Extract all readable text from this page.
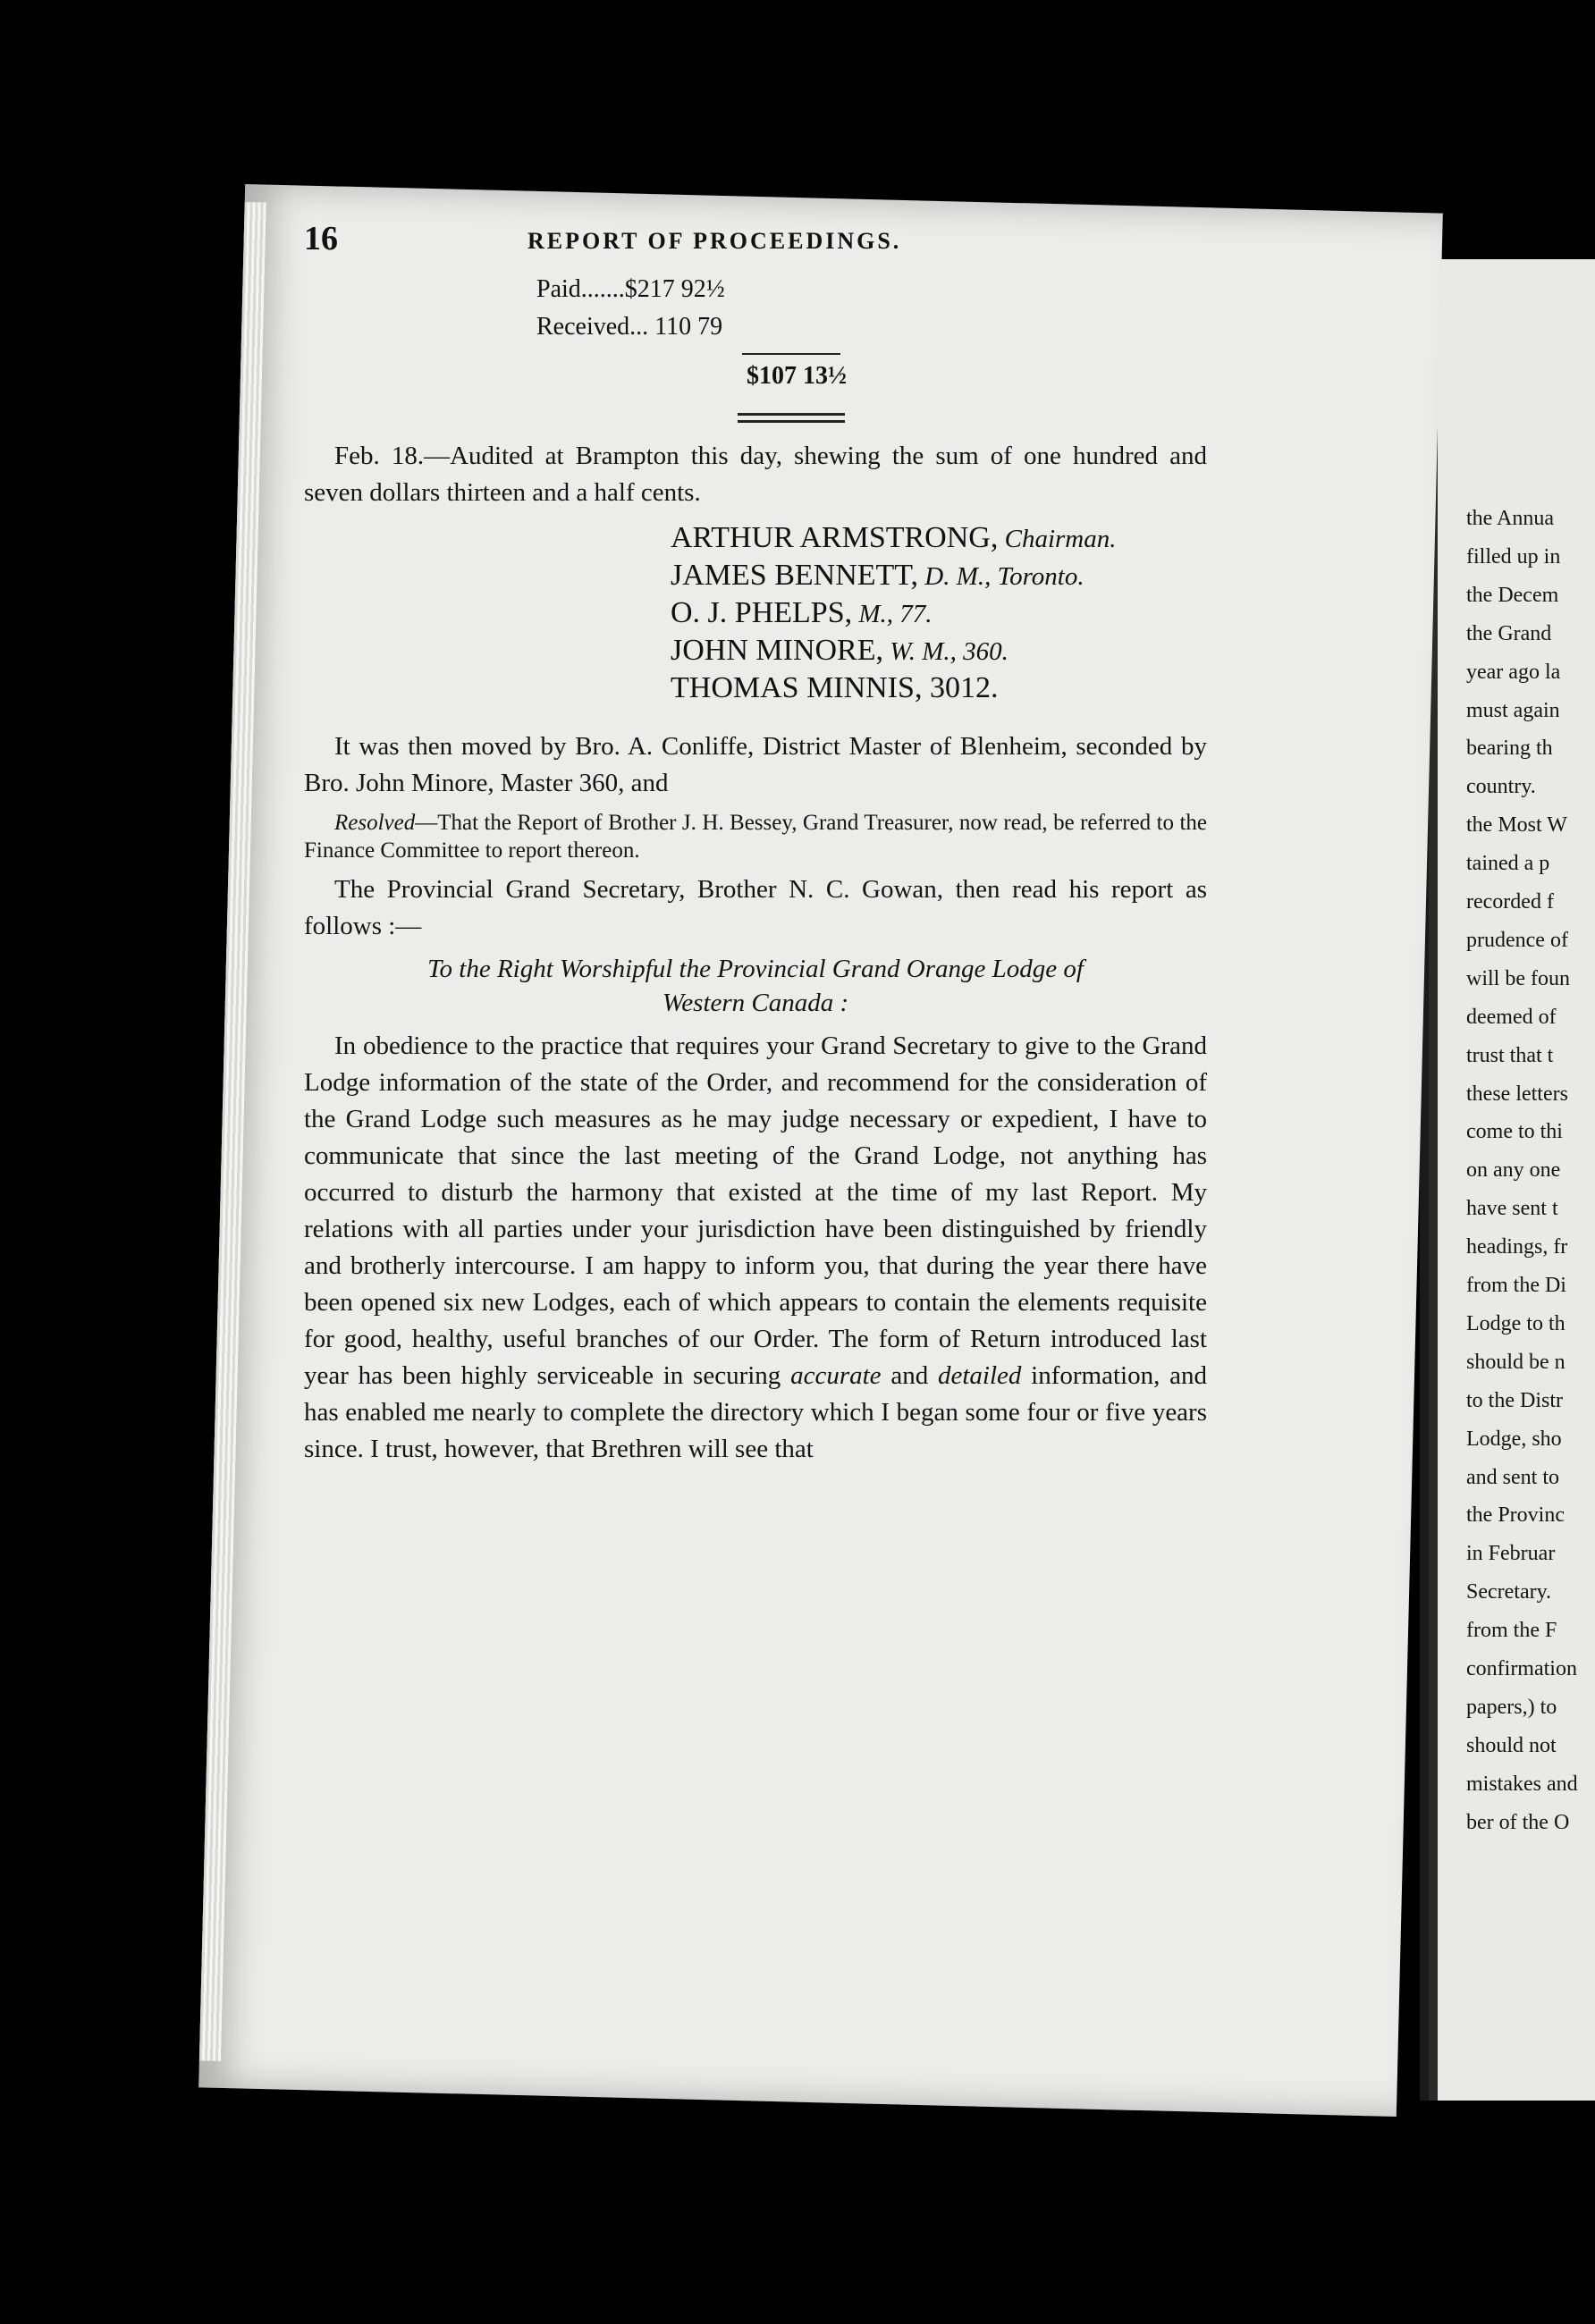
16	REPORT OF PROCEEDINGS.
Paid.......$217 92½
Received... 110 79
$107 13½
Feb. 18.—Audited at Brampton this day, shewing the sum of one hundred and seven dollars thirteen and a half cents.
ARTHUR ARMSTRONG, Chairman.
JAMES BENNETT, D. M., Toronto.
O. J. PHELPS, M., 77.
JOHN MINORE, W. M., 360.
THOMAS MINNIS, 3012.
It was then moved by Bro. A. Conliffe, District Master of Blenheim, seconded by Bro. John Minore, Master 360, and
Resolved—That the Report of Brother J. H. Bessey, Grand Treasurer, now read, be referred to the Finance Committee to report thereon.
The Provincial Grand Secretary, Brother N. C. Gowan, then read his report as follows :—
To the Right Worshipful the Provincial Grand Orange Lodge of
Western Canada :
In obedience to the practice that requires your Grand Secretary to give to the Grand Lodge information of the state of the Order, and recommend for the consideration of the Grand Lodge such measures as he may judge necessary or expedient, I have to communicate that since the last meeting of the Grand Lodge, not anything has occurred to disturb the harmony that existed at the time of my last Report. My relations with all parties under your jurisdiction have been distinguished by friendly and brotherly intercourse. I am happy to inform you, that during the year there have been opened six new Lodges, each of which appears to contain the elements requisite for good, healthy, useful branches of our Order. The form of Return introduced last year has been highly serviceable in securing accurate and detailed information, and has enabled me nearly to complete the directory which I began some four or five years since. I trust, however, that Brethren will see that
the Annua
filled up in
the Decem
the Grand
year ago la
must again
bearing th
country.
the Most W
tained a p
recorded f
prudence of
will be foun
deemed of
trust that t
these letters
come to thi
on any one
have sent t
headings, fr
from the Di
Lodge to th
should be n
to the Distr
Lodge, sho
and sent to
the Provinc
in Februar
Secretary.
from the F
confirmation
papers,) to
should not
mistakes and
ber of the O
